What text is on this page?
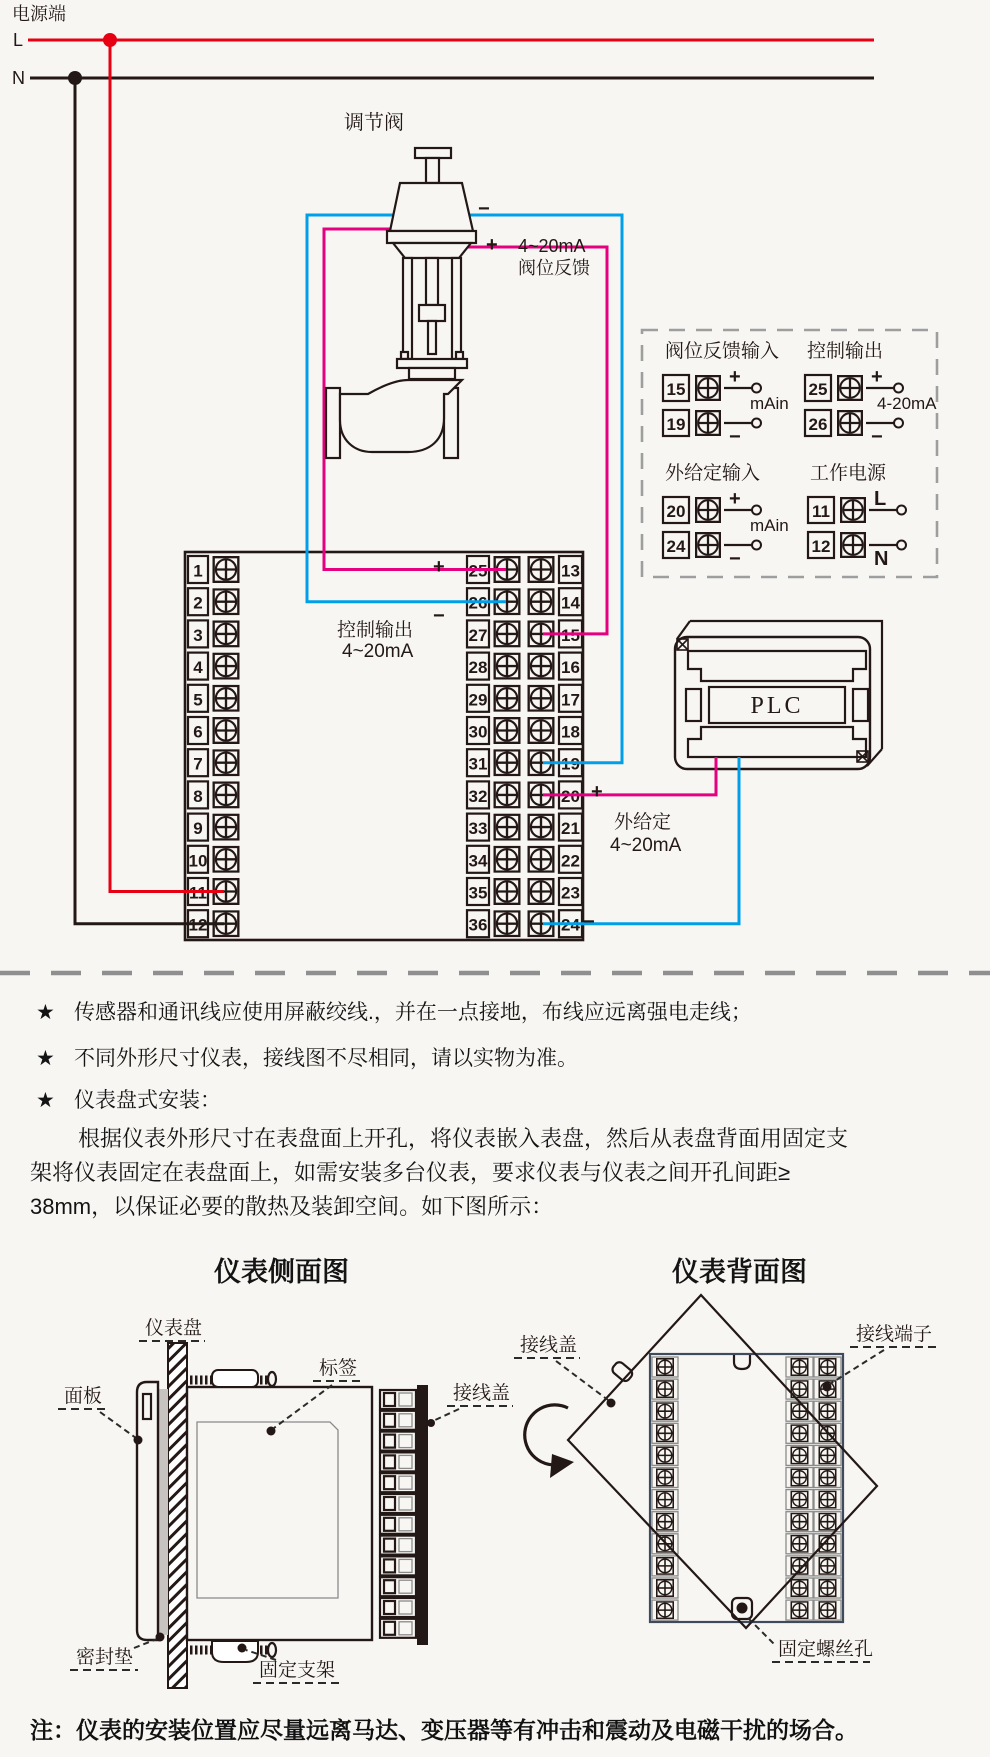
电源端
L
N
1	25	13
2	26	14
3	27	15
4	28	16
5	29	17
6	30	18
7	31	19
8	32	20
9	33	21
10	34	22
11	35	23
12	36	24
调节阀
−
+ 4~20mA
阀位反馈
+
−
控制输出
4~20mA
阀位反馈输入
15
+
19
−
mAin
控制输出
25
+
26
−
4-20mA
外给定输入
20
+
24
−
mAin
工作电源
11
L
12
N
PLC
+
−
外给定
4~20mA
仪表盘
面板
标签
接线盖
密封垫
固定支架
接线盖
接线端子
固定螺丝孔
★ 传感器和通讯线应使用屏蔽绞线.，并在一点接地，布线应远离强电走线；
★ 不同外形尺寸仪表，接线图不尽相同，请以实物为准。
★ 仪表盘式安装：
根据仪表外形尺寸在表盘面上开孔，将仪表嵌入表盘，然后从表盘背面用固定支
架将仪表固定在表盘面上，如需安装多台仪表，要求仪表与仪表之间开孔间距≥
38mm，以保证必要的散热及装卸空间。如下图所示：
仪表侧面图	仪表背面图
注：仪表的安装位置应尽量远离马达、变压器等有冲击和震动及电磁干扰的场合。
